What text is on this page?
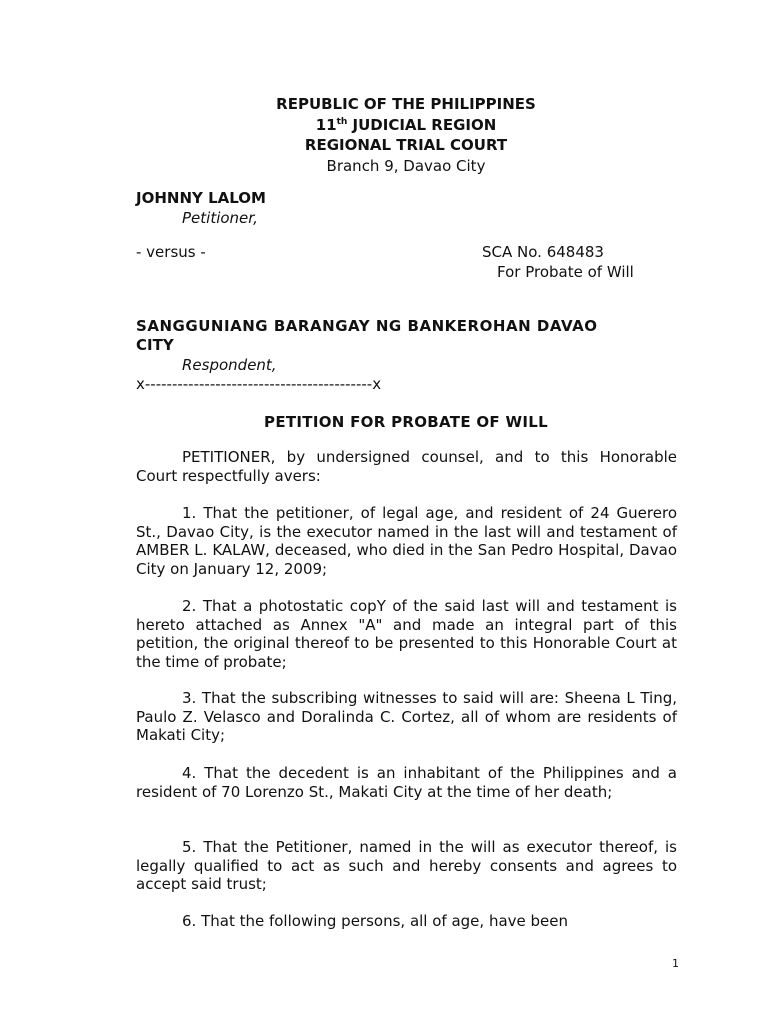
REPUBLIC OF THE PHILIPPINES
11th JUDICIAL REGION
REGIONAL TRIAL COURT
Branch 9, Davao City
JOHNNY LALOM
Petitioner,
- versus -	SCA No. 648483
For Probate of Will
SANGGUNIANG BARANGAY NG BANKEROHAN DAVAO
CITY
Respondent,
x------------------------------------------x
PETITION FOR PROBATE OF WILL

PETITIONER, by undersigned counsel, and to this Honorable Court respectfully avers:

1. That the petitioner, of legal age, and resident of 24 Guerero St., Davao City, is the executor named in the last will and testament of AMBER L. KALAW, deceased, who died in the San Pedro Hospital, Davao City on January 12, 2009;

2. That a photostatic copY of the said last will and testament is hereto attached as Annex "A" and made an integral part of this petition, the original thereof to be presented to this Honorable Court at the time of probate;

3. That the subscribing witnesses to said will are: Sheena L Ting, Paulo Z. Velasco and Doralinda C. Cortez, all of whom are residents of Makati City;

4. That the decedent is an inhabitant of the Philippines and a resident of 70 Lorenzo St., Makati City at the time of her death;

5. That the Petitioner, named in the will as executor thereof, is legally qualified to act as such and hereby consents and agrees to accept said trust;

6. That the following persons, all of age, have been

1
